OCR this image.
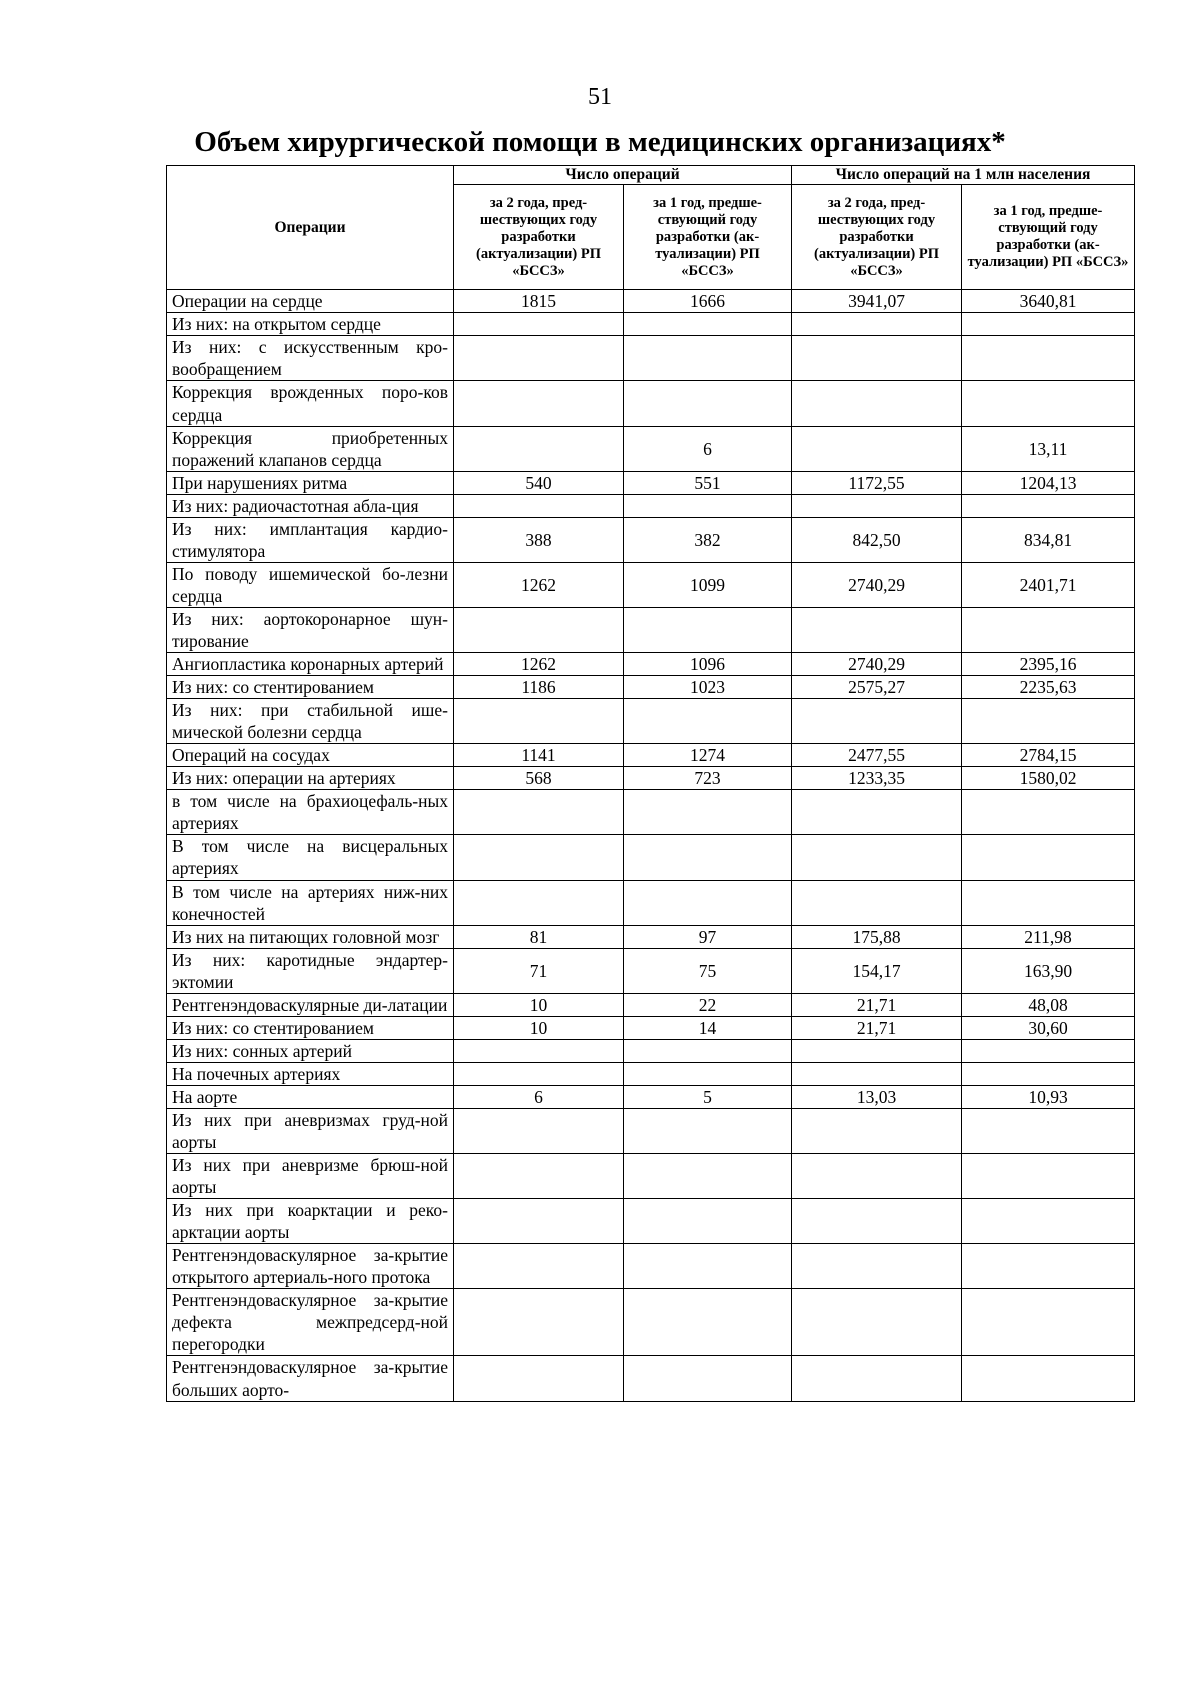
51
Объем хирургической помощи в медицинских организациях*
Операции	Число операций		Число операций на 1 млн населения	
	за 2 года, пред-шествующих году разработки (актуализации) РП «БССЗ»	за 1 год, предше-ствующий году разработки (ак-туализации) РП «БССЗ»	за 2 года, пред-шествующих году разработки (актуализации) РП «БССЗ»	за 1 год, предше-ствующий году разработки (ак-туализации) РП «БССЗ»
Операции на сердце	1815	1666	3941,07	3640,81
Из них: на открытом сердце				
Из них: с искусственным кро-вообращением				
Коррекция врожденных поро-ков сердца				
Коррекция приобретенных поражений клапанов сердца		6		13,11
При нарушениях ритма	540	551	1172,55	1204,13
Из них: радиочастотная абла-ция				
Из них: имплантация кардио-стимулятора	388	382	842,50	834,81
По поводу ишемической бо-лезни сердца	1262	1099	2740,29	2401,71
Из них: аортокоронарное шун-тирование				
Ангиопластика коронарных артерий	1262	1096	2740,29	2395,16
Из них: со стентированием	1186	1023	2575,27	2235,63
Из них: при стабильной ише-мической болезни сердца				
Операций на сосудах	1141	1274	2477,55	2784,15
Из них: операции на артериях	568	723	1233,35	1580,02
в том числе на брахиоцефаль-ных артериях				
В том числе на висцеральных артериях				
В том числе на артериях ниж-них конечностей				
Из них на питающих головной мозг	81	97	175,88	211,98
Из них: каротидные эндартер-эктомии	71	75	154,17	163,90
Рентгенэндоваскулярные ди-латации	10	22	21,71	48,08
Из них: со стентированием	10	14	21,71	30,60
Из них: сонных артерий				
На почечных артериях				
На аорте	6	5	13,03	10,93
Из них при аневризмах груд-ной аорты				
Из них при аневризме брюш-ной аорты				
Из них при коарктации и реко-арктации аорты				
Рентгенэндоваскулярное за-крытие открытого артериаль-ного протока				
Рентгенэндоваскулярное за-крытие дефекта межпредсерд-ной перегородки				
Рентгенэндоваскулярное за-крытие больших аорто-				
